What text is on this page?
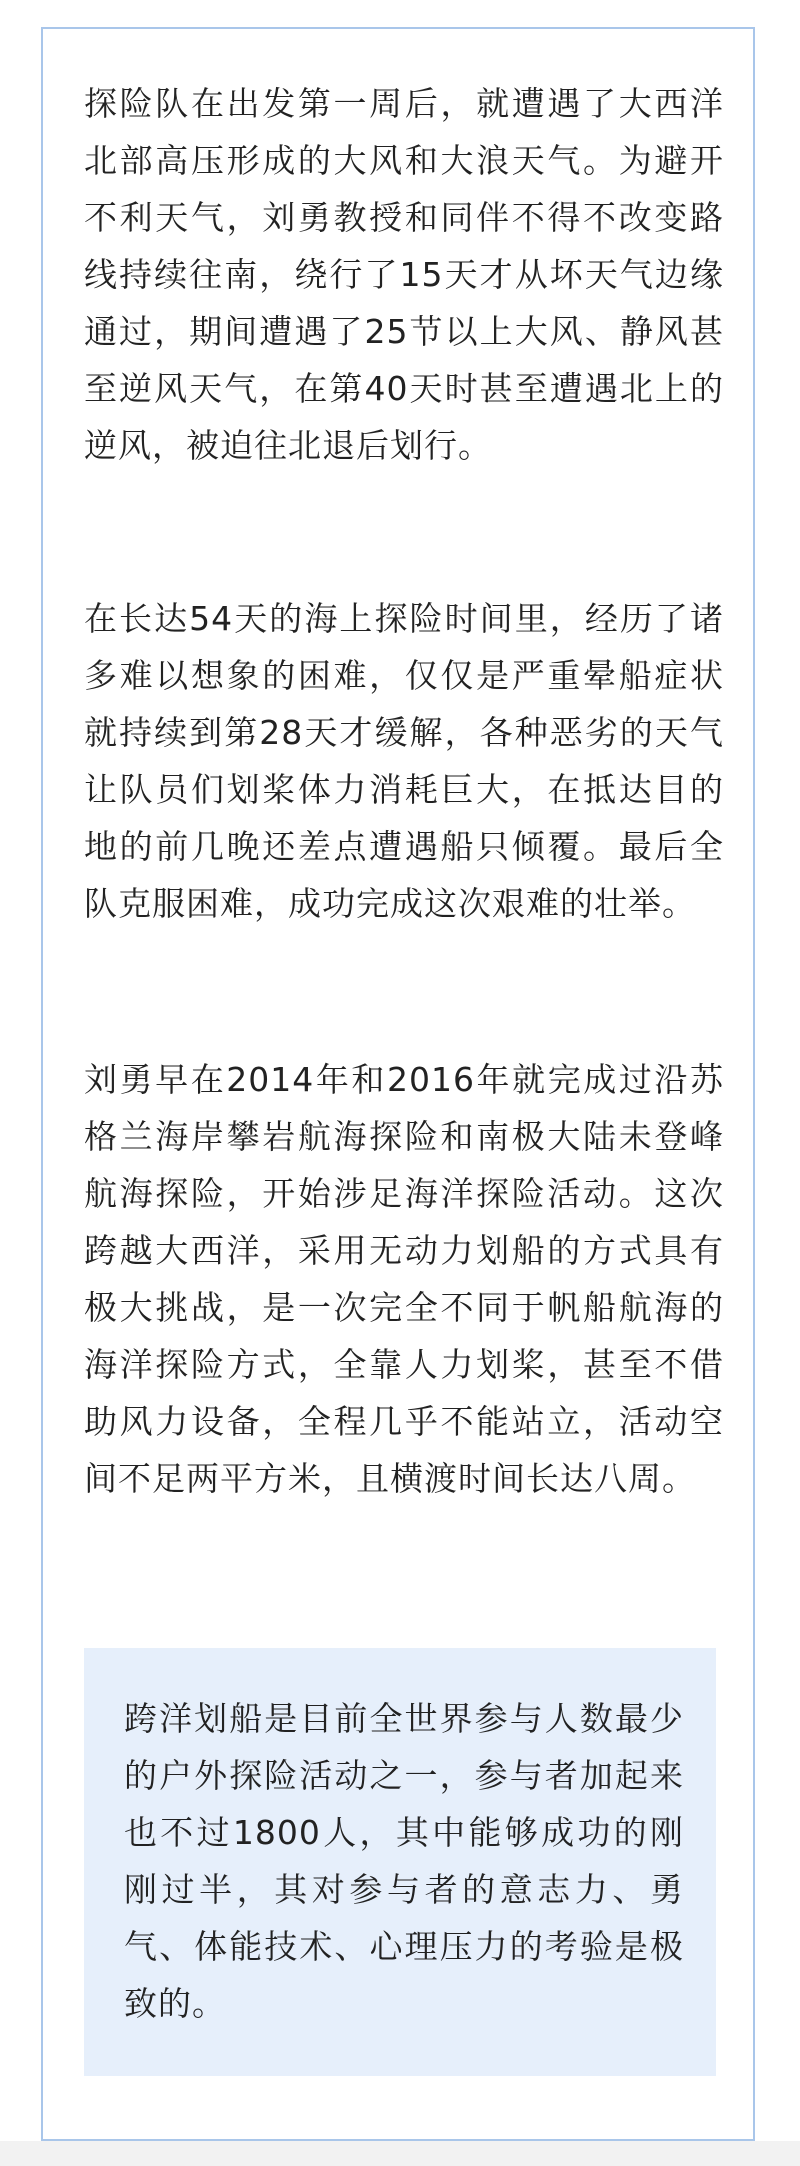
探险队在出发第一周后，就遭遇了大西洋北部高压形成的大风和大浪天气。为避开不利天气，刘勇教授和同伴不得不改变路线持续往南，绕行了15天才从坏天气边缘通过，期间遭遇了25节以上大风、静风甚至逆风天气，在第40天时甚至遭遇北上的逆风，被迫往北退后划行。

在长达54天的海上探险时间里，经历了诸多难以想象的困难，仅仅是严重晕船症状就持续到第28天才缓解，各种恶劣的天气让队员们划桨体力消耗巨大，在抵达目的地的前几晚还差点遭遇船只倾覆。最后全队克服困难，成功完成这次艰难的壮举。

刘勇早在2014年和2016年就完成过沿苏格兰海岸攀岩航海探险和南极大陆未登峰航海探险，开始涉足海洋探险活动。这次跨越大西洋，采用无动力划船的方式具有极大挑战，是一次完全不同于帆船航海的海洋探险方式，全靠人力划桨，甚至不借助风力设备，全程几乎不能站立，活动空间不足两平方米，且横渡时间长达八周。

跨洋划船是目前全世界参与人数最少的户外探险活动之一，参与者加起来也不过1800人，其中能够成功的刚刚过半，其对参与者的意志力、勇气、体能技术、心理压力的考验是极致的。
